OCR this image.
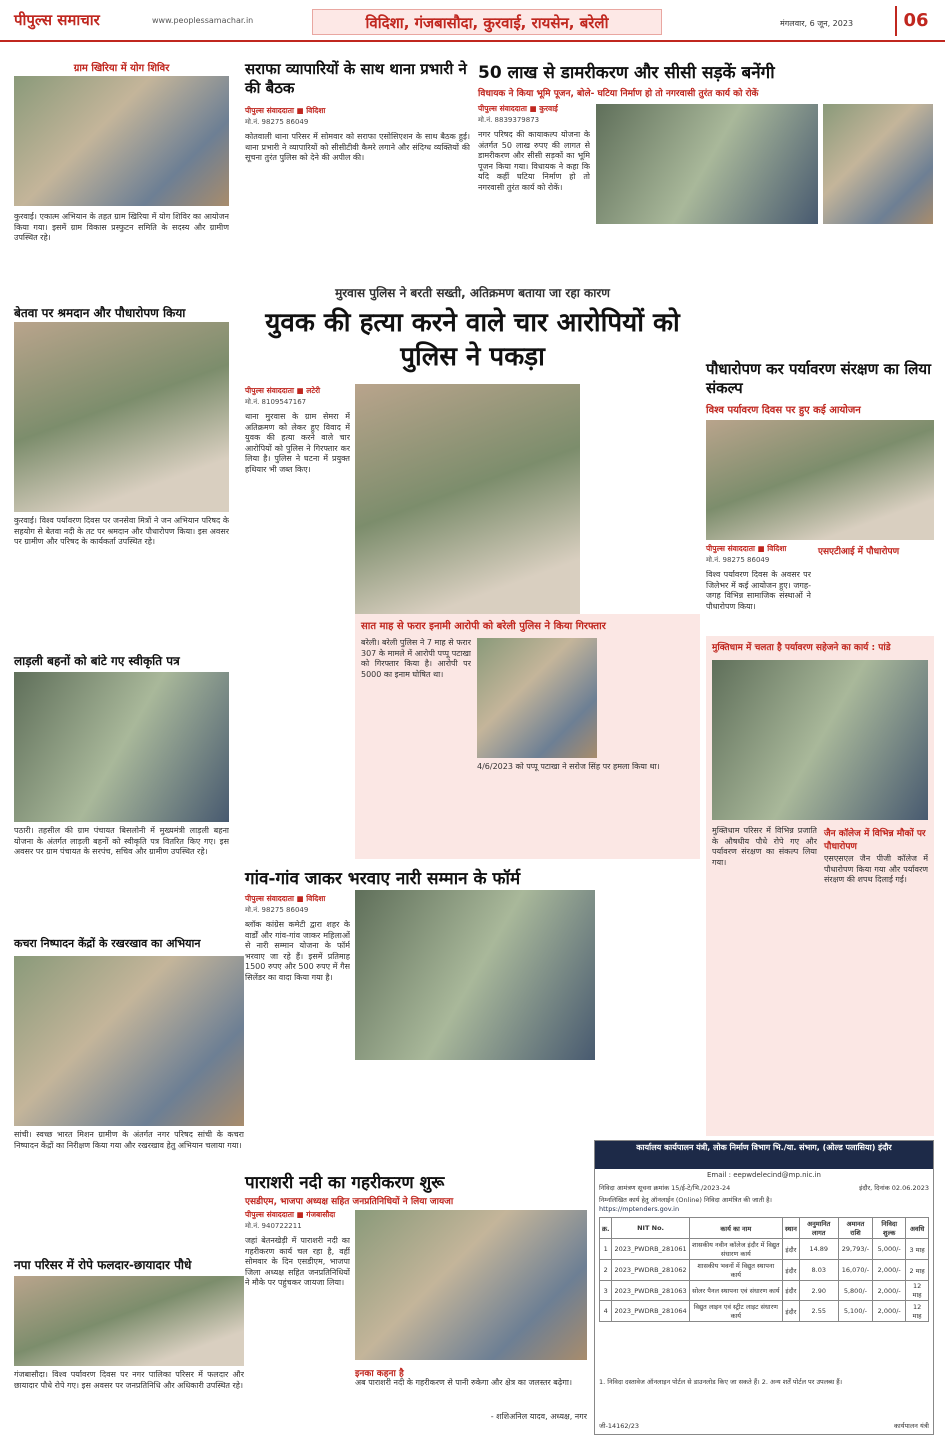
पीपुल्स समाचार	www.peoplessamachar.in	विदिशा, गंजबासौदा, कुरवाई, रायसेन, बरेली	मंगलवार, 6 जून, 2023	06
ग्राम खिरिया में योग शिविर
कुरवाई। एकात्म अभियान के तहत ग्राम खिरिया में योग शिविर का आयोजन किया गया। इसमें ग्राम विकास प्रस्फुटन समिति के सदस्य और ग्रामीण उपस्थित रहे।
बेतवा पर श्रमदान और पौधारोपण किया
कुरवाई। विश्व पर्यावरण दिवस पर जनसेवा मित्रों ने जन अभियान परिषद के सहयोग से बेतवा नदी के तट पर श्रमदान और पौधारोपण किया। इस अवसर पर ग्रामीण और परिषद के कार्यकर्ता उपस्थित रहे।
लाड़ली बहनों को बांटे गए स्वीकृति पत्र
पठारी। तहसील की ग्राम पंचायत बिसलोनी में मुख्यमंत्री लाड़ली बहना योजना के अंतर्गत लाड़ली बहनों को स्वीकृति पत्र वितरित किए गए। इस अवसर पर ग्राम पंचायत के सरपंच, सचिव और ग्रामीण उपस्थित रहे।
कचरा निष्पादन केंद्रों के रखरखाव का अभियान
सांची। स्वच्छ भारत मिशन ग्रामीण के अंतर्गत नगर परिषद सांची के कचरा निष्पादन केंद्रों का निरीक्षण किया गया और रखरखाव हेतु अभियान चलाया गया।
नपा परिसर में रोपे फलदार-छायादार पौधे
गंजबासौदा। विश्व पर्यावरण दिवस पर नगर पालिका परिसर में फलदार और छायादार पौधे रोपे गए। इस अवसर पर जनप्रतिनिधि और अधिकारी उपस्थित रहे।
सराफा व्यापारियों के साथ थाना प्रभारी ने की बैठक
पीपुल्स संवाददाता ■ विदिशा
मो.नं. 98275 86049
कोतवाली थाना परिसर में सोमवार को सराफा एसोसिएशन के साथ बैठक हुई। थाना प्रभारी ने व्यापारियों को सीसीटीवी कैमरे लगाने और संदिग्ध व्यक्तियों की सूचना तुरंत पुलिस को देने की अपील की।
50 लाख से डामरीकरण और सीसी सड़कें बनेंगी
विधायक ने किया भूमि पूजन, बोले- घटिया निर्माण हो तो नगरवासी तुरंत कार्य को रोकें
पीपुल्स संवाददाता ■ कुरवाई
मो.नं. 8839379873
नगर परिषद की कायाकल्प योजना के अंतर्गत 50 लाख रुपए की लागत से डामरीकरण और सीसी सड़कों का भूमि पूजन किया गया। विधायक ने कहा कि यदि कहीं घटिया निर्माण हो तो नगरवासी तुरंत कार्य को रोकें।
मुरवास पुलिस ने बरती सख्ती, अतिक्रमण बताया जा रहा कारण
युवक की हत्या करने वाले चार आरोपियों को पुलिस ने पकड़ा
पीपुल्स संवाददाता ■ लटेरी
मो.नं. 8109547167
थाना मुरवास के ग्राम सेमरा में अतिक्रमण को लेकर हुए विवाद में युवक की हत्या करने वाले चार आरोपियों को पुलिस ने गिरफ्तार कर लिया है। पुलिस ने घटना में प्रयुक्त हथियार भी जब्त किए।
सात माह से फरार इनामी आरोपी को बरेली पुलिस ने किया गिरफ्तार
बरेली। बरेली पुलिस ने 7 माह से फरार 307 के मामले में आरोपी पप्पू पटाखा को गिरफ्तार किया है। आरोपी पर 5000 का इनाम घोषित था।
4/6/2023 को पप्पू पटाखा ने सरोज सिंह पर हमला किया था।
गांव-गांव जाकर भरवाए नारी सम्मान के फॉर्म
पीपुल्स संवाददाता ■ विदिशा
मो.नं. 98275 86049
ब्लॉक कांग्रेस कमेटी द्वारा शहर के वार्डों और गांव-गांव जाकर महिलाओं से नारी सम्मान योजना के फॉर्म भरवाए जा रहे हैं। इसमें प्रतिमाह 1500 रुपए और 500 रुपए में गैस सिलेंडर का वादा किया गया है।
पाराशरी नदी का गहरीकरण शुरू
एसडीएम, भाजपा अध्यक्ष सहित जनप्रतिनिधियों ने लिया जायजा
पीपुल्स संवाददाता ■ गंजबासौदा
मो.नं. 940722211
जहां बेतनखेड़ी में पाराशरी नदी का गहरीकरण कार्य चल रहा है, वहीं सोमवार के दिन एसडीएम, भाजपा जिला अध्यक्ष सहित जनप्रतिनिधियों ने मौके पर पहुंचकर जायजा लिया।
इनका कहना है
अब पाराशरी नदी के गहरीकरण से पानी रुकेगा और क्षेत्र का जलस्तर बढ़ेगा।
- शशिअनिल यादव, अध्यक्ष, नगर
पौधारोपण कर पर्यावरण संरक्षण का लिया संकल्प
विश्व पर्यावरण दिवस पर हुए कई आयोजन
पीपुल्स संवाददाता ■ विदिशा
मो.नं. 98275 86049
विश्व पर्यावरण दिवस के अवसर पर जिलेभर में कई आयोजन हुए। जगह-जगह विभिन्न सामाजिक संस्थाओं ने पौधारोपण किया।
एसएटीआई में पौधारोपण
मुक्तिधाम में चलता है पर्यावरण सहेजने का कार्य : पांडे
मुक्तिधाम परिसर में विभिन्न प्रजाति के औषधीय पौधे रोपे गए और पर्यावरण संरक्षण का संकल्प लिया गया।
जैन कॉलेज में विभिन्न मौकों पर पौधारोपण
एसएसएल जैन पीजी कॉलेज में पौधारोपण किया गया और पर्यावरण संरक्षण की शपथ दिलाई गई।
कार्यालय कार्यपालन यंत्री, लोक निर्माण विभाग भि./या. संभाग, (ओल्ड पलासिया) इंदौर
Email : eepwdelecind@mp.nic.in
निविदा आमंत्रण सूचना क्रमांक 15/ई-टे/भि./2023-24	इंदौर, दिनांक 02.06.2023
निम्नलिखित कार्य हेतु ऑनलाईन (Online) निविदा आमंत्रित की जाती है।
https://mptenders.gov.in
क्र.	NIT No.	कार्य का नाम	स्थान	अनुमानित लागत	अमानत राशि	निविदा शुल्क	अवधि
1	2023_PWDRB_281061	शासकीय नवीन कॉलेज इंदौर में विद्युत संधारण कार्य	इंदौर	14.89	29,793/-	5,000/-	3 माह
2	2023_PWDRB_281062	शासकीय भवनों में विद्युत स्थापना कार्य	इंदौर	8.03	16,070/-	2,000/-	2 माह
3	2023_PWDRB_281063	सोलर पैनल स्थापना एवं संधारण कार्य	इंदौर	2.90	5,800/-	2,000/-	12 माह
4	2023_PWDRB_281064	विद्युत लाइन एवं स्ट्रीट लाइट संधारण कार्य	इंदौर	2.55	5,100/-	2,000/-	12 माह
1. निविदा दस्तावेज ऑनलाइन पोर्टल से डाउनलोड किए जा सकते हैं। 2. अन्य शर्तें पोर्टल पर उपलब्ध हैं।
जी-14162/23	कार्यपालन यंत्री
